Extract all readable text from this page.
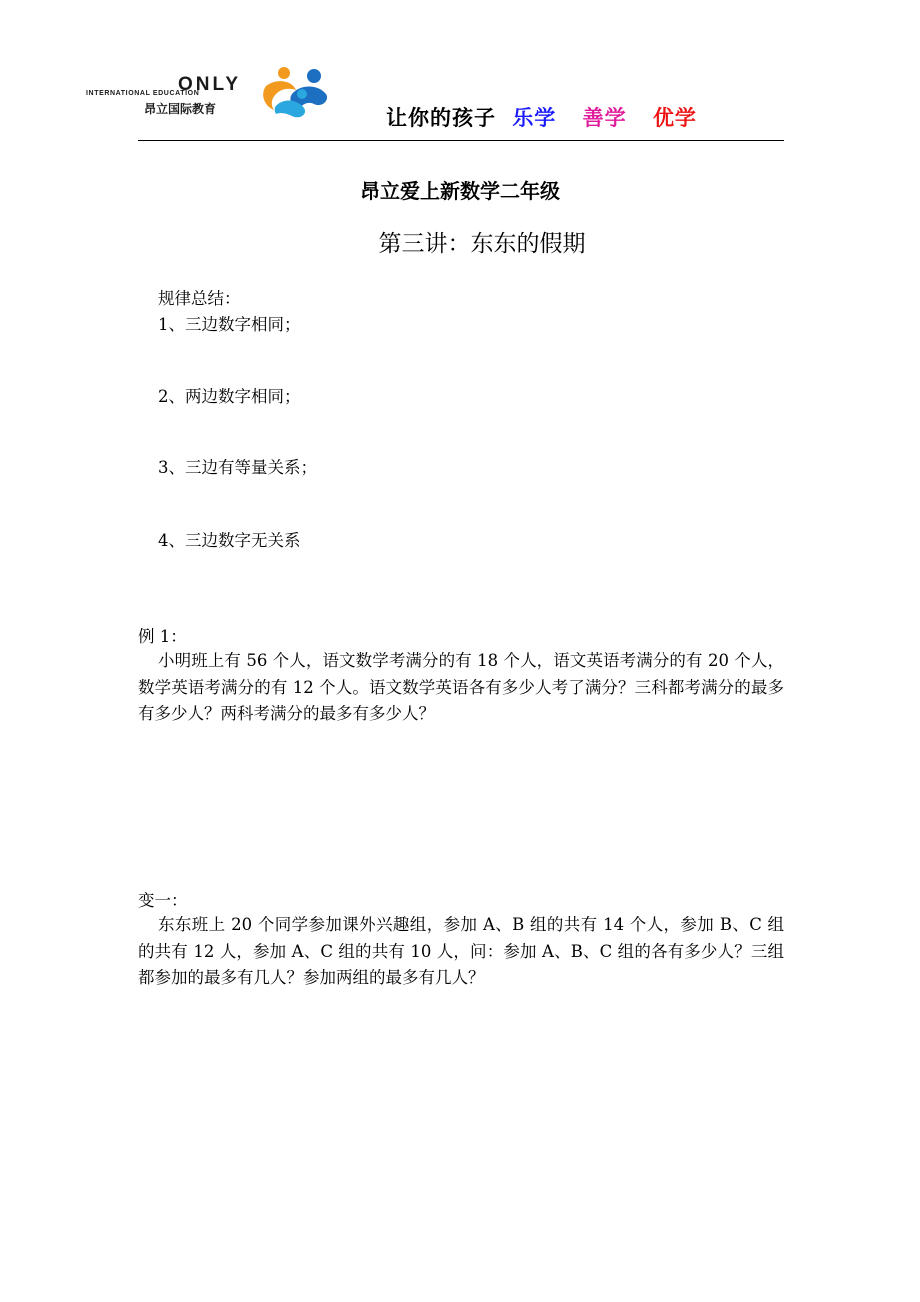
ONLY
INTERNATIONAL EDUCATION
昂立国际教育	让你的孩子 乐学 善学 优学
昂立爱上新数学二年级
第三讲：东东的假期
规律总结：
1、三边数字相同；
2、两边数字相同；
3、三边有等量关系；
4、三边数字无关系
例 1：
小明班上有 56 个人，语文数学考满分的有 18 个人，语文英语考满分的有 20 个人，数学英语考满分的有 12 个人。语文数学英语各有多少人考了满分？三科都考满分的最多有多少人？两科考满分的最多有多少人？
变一：
东东班上 20 个同学参加课外兴趣组，参加 A、B 组的共有 14 个人，参加 B、C 组的共有 12 人，参加 A、C 组的共有 10 人，问：参加 A、B、C 组的各有多少人？三组都参加的最多有几人？参加两组的最多有几人？
